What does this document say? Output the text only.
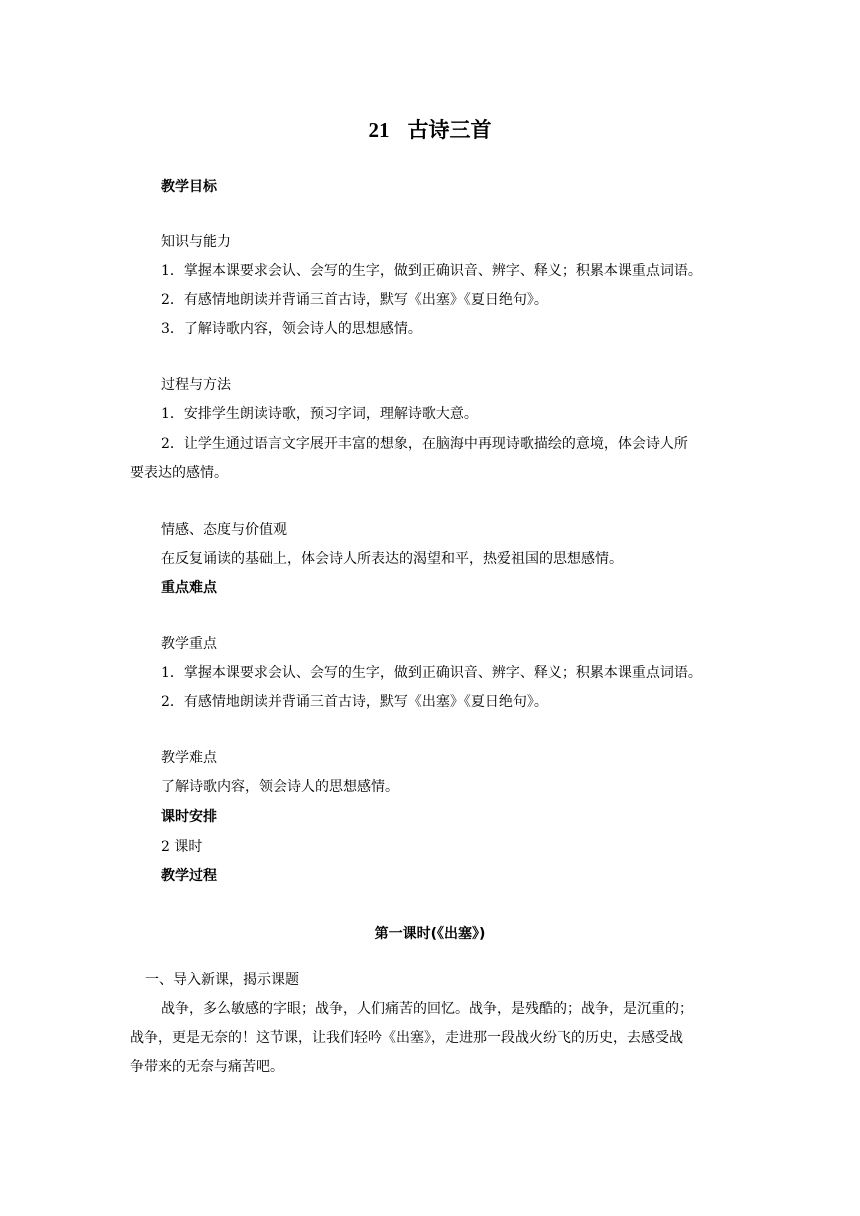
21 古诗三首
教学目标
知识与能力
1．掌握本课要求会认、会写的生字，做到正确识音、辨字、释义；积累本课重点词语。
2．有感情地朗读并背诵三首古诗，默写《出塞》《夏日绝句》。
3．了解诗歌内容，领会诗人的思想感情。
过程与方法
1．安排学生朗读诗歌，预习字词，理解诗歌大意。
2．让学生通过语言文字展开丰富的想象，在脑海中再现诗歌描绘的意境，体会诗人所
要表达的感情。
情感、态度与价值观
在反复诵读的基础上，体会诗人所表达的渴望和平，热爱祖国的思想感情。
重点难点
教学重点
1．掌握本课要求会认、会写的生字，做到正确识音、辨字、释义；积累本课重点词语。
2．有感情地朗读并背诵三首古诗，默写《出塞》《夏日绝句》。
教学难点
了解诗歌内容，领会诗人的思想感情。
课时安排
2 课时
教学过程
第一课时(《出塞》)
一、导入新课，揭示课题
战争，多么敏感的字眼；战争，人们痛苦的回忆。战争，是残酷的；战争，是沉重的；
战争，更是无奈的！这节课，让我们轻吟《出塞》，走进那一段战火纷飞的历史，去感受战
争带来的无奈与痛苦吧。
